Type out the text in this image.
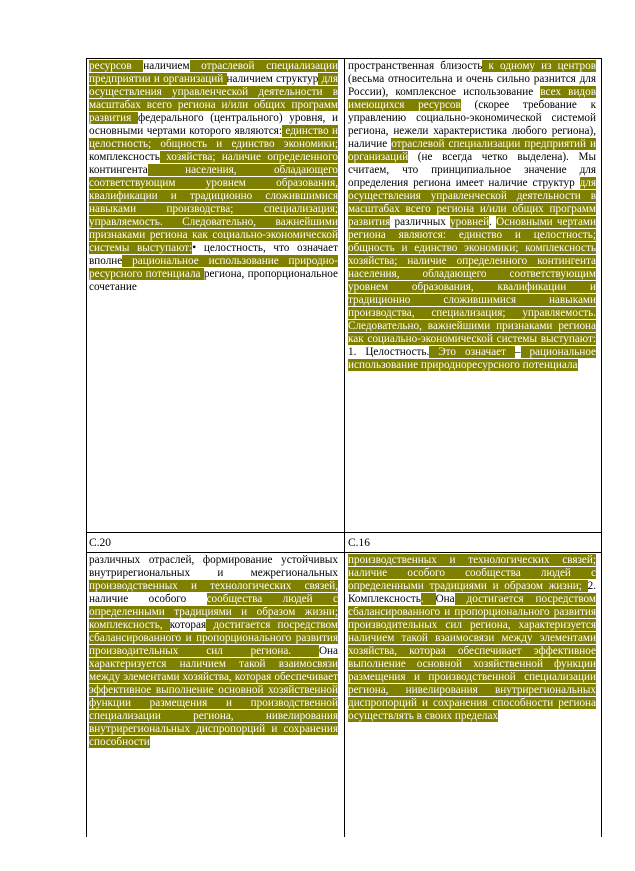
ресурсов наличием отраслевой специализации предприятии и организаций наличием структур для осуществления управленческой деятельности в масштабах всего региона и/или общих программ развития федерального (центрального) уровня, и основными чертами которого являются: единство и целостность; общность и единство экономики; комплексность хозяйства; наличие определенного контингента населения, обладающего соответствующим уровнем образования, квалификации и традиционно сложившимися навыками производства; специализация; управляемость. Следовательно, важнейшими признаками региона как социально-экономической системы выступают:• целостность, что означает вполне рациональное использование природно-ресурсного потенциала региона, пропорциональное сочетание

пространственная близость к одному из центров (весьма относительна и очень сильно разнится для России), комплексное использование всех видов имеющихся ресурсов (скорее требование к управлению социально-экономической системой региона, нежели характеристика любого региона), наличие отраслевой специализации предприятий и организаций (не всегда четко выделена). Мы считаем, что принципиальное значение для определения региона имеет наличие структур для осуществления управленческой деятельности в масштабах всего региона и/или общих программ развития различных уровней. Основными чертами региона являются: единство и целостность; общность и единство экономики; комплексность хозяйства; наличие определенного контингента населения, обладающего соответствующим уровнем образования, квалификации и традиционно сложившимися навыками производства, специализация; управляемость. Следовательно, важнейшими признаками региона как социально-экономической системы выступают: 1. Целостность. Это означает – рациональное использование природноресурсного потенциала

С.20	С.16

различных отраслей, формирование устойчивых внутрирегиональных и межрегиональных производственных и технологических связей, наличие особого сообщества людей с определенными традициями и образом жизни; комплексность, которая достигается посредством сбалансированного и пропорционального развития производительных сил региона. Она характеризуется наличием такой взаимосвязи между элементами хозяйства, которая обеспечивает эффективное выполнение основной хозяйственной функции размещения и производственной специализации региона, нивелирования внутрирегиональных диспропорций и сохранения способности

производственных и технологических связей; наличие особого сообщества людей с определенными традициями и образом жизни; 2. Комплексность. Она достигается посредством сбалансированного и пропорционального развития производительных сил региона, характеризуется наличием такой взаимосвязи между элементами хозяйства, которая обеспечивает эффективное выполнение основной хозяйственной функции размещения и производственной специализации региона, нивелирования внутрирегиональных диспропорций и сохранения способности региона осуществлять в своих пределах
